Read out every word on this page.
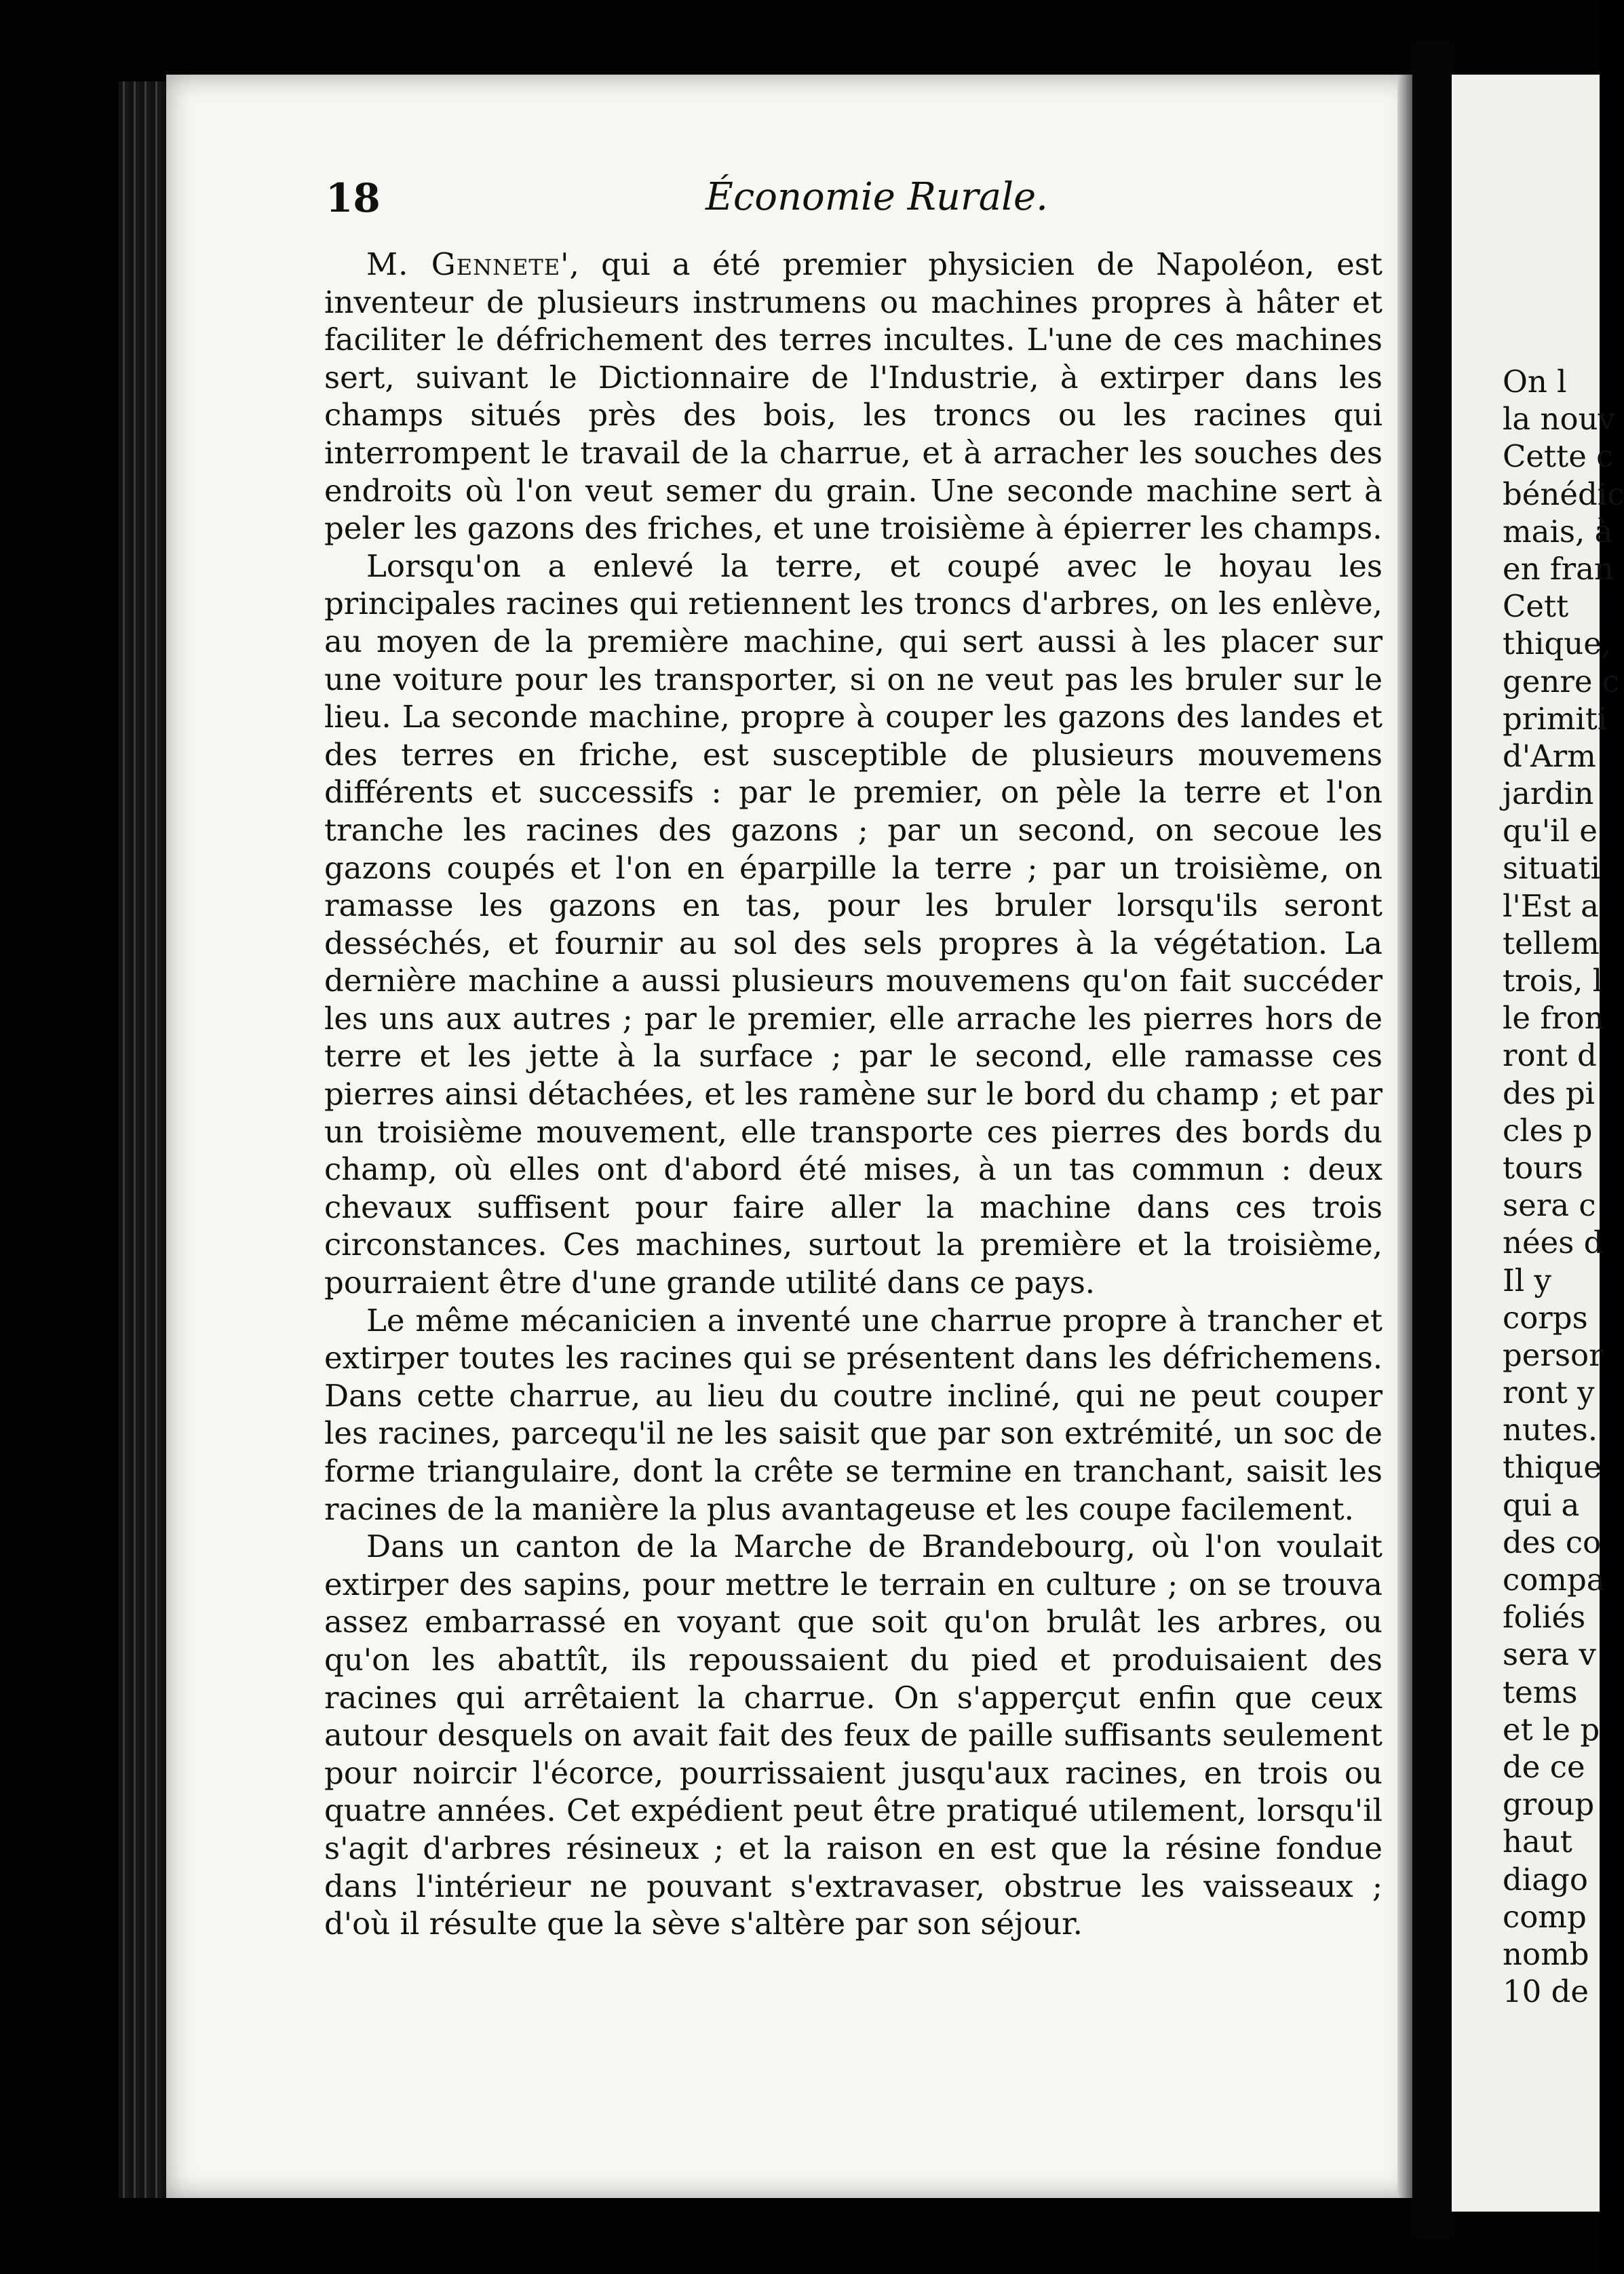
18	Économie Rurale.

M. Gennete', qui a été premier physicien de Napoléon, est inventeur de plusieurs instrumens ou machines propres à hâter et faciliter le défrichement des terres incultes. L'une de ces machines sert, suivant le Dictionnaire de l'Industrie, à extirper dans les champs situés près des bois, les troncs ou les racines qui interrompent le travail de la charrue, et à arracher les souches des endroits où l'on veut semer du grain. Une seconde machine sert à peler les gazons des friches, et une troisième à épierrer les champs.

Lorsqu'on a enlevé la terre, et coupé avec le hoyau les principales racines qui retiennent les troncs d'arbres, on les enlève, au moyen de la première machine, qui sert aussi à les placer sur une voiture pour les transporter, si on ne veut pas les bruler sur le lieu. La seconde machine, propre à couper les gazons des landes et des terres en friche, est susceptible de plusieurs mouvemens différents et successifs : par le premier, on pèle la terre et l'on tranche les racines des gazons ; par un second, on secoue les gazons coupés et l'on en éparpille la terre ; par un troisième, on ramasse les gazons en tas, pour les bruler lorsqu'ils seront desséchés, et fournir au sol des sels propres à la végétation. La dernière machine a aussi plusieurs mouvemens qu'on fait succéder les uns aux autres ; par le premier, elle arrache les pierres hors de terre et les jette à la surface ; par le second, elle ramasse ces pierres ainsi détachées, et les ramène sur le bord du champ ; et par un troisième mouvement, elle transporte ces pierres des bords du champ, où elles ont d'abord été mises, à un tas commun : deux chevaux suffisent pour faire aller la machine dans ces trois circonstances. Ces machines, surtout la première et la troisième, pourraient être d'une grande utilité dans ce pays.

Le même mécanicien a inventé une charrue propre à trancher et extirper toutes les racines qui se présentent dans les défrichemens. Dans cette charrue, au lieu du coutre incliné, qui ne peut couper les racines, parcequ'il ne les saisit que par son extrémité, un soc de forme triangulaire, dont la crête se termine en tranchant, saisit les racines de la manière la plus avantageuse et les coupe facilement.

Dans un canton de la Marche de Brandebourg, où l'on voulait extirper des sapins, pour mettre le terrain en culture ; on se trouva assez embarrassé en voyant que soit qu'on brulât les arbres, ou qu'on les abattît, ils repoussaient du pied et produisaient des racines qui arrêtaient la charrue. On s'apperçut enfin que ceux autour desquels on avait fait des feux de paille suffisants seulement pour noircir l'écorce, pourrissaient jusqu'aux racines, en trois ou quatre années. Cet expédient peut être pratiqué utilement, lorsqu'il s'agit d'arbres résineux ; et la raison en est que la résine fondue dans l'intérieur ne pouvant s'extravaser, obstrue les vaisseaux ; d'où il résulte que la sève s'altère par son séjour.

On l
la nouv
Cette c
bénédic
mais, à
en fran
Cett
thique,
genre c
primiti
d'Arm
jardin
qu'il e
situati
l'Est a
tellem
trois, l
le fron
ront d
des pi
cles p
tours
sera c
nées d
Il y
corps
persor
ront y
nutes.
thique
qui a
des co
compa
foliés
sera v
tems
et le p
de ce
group
haut
diago
comp
nomb
10 de
